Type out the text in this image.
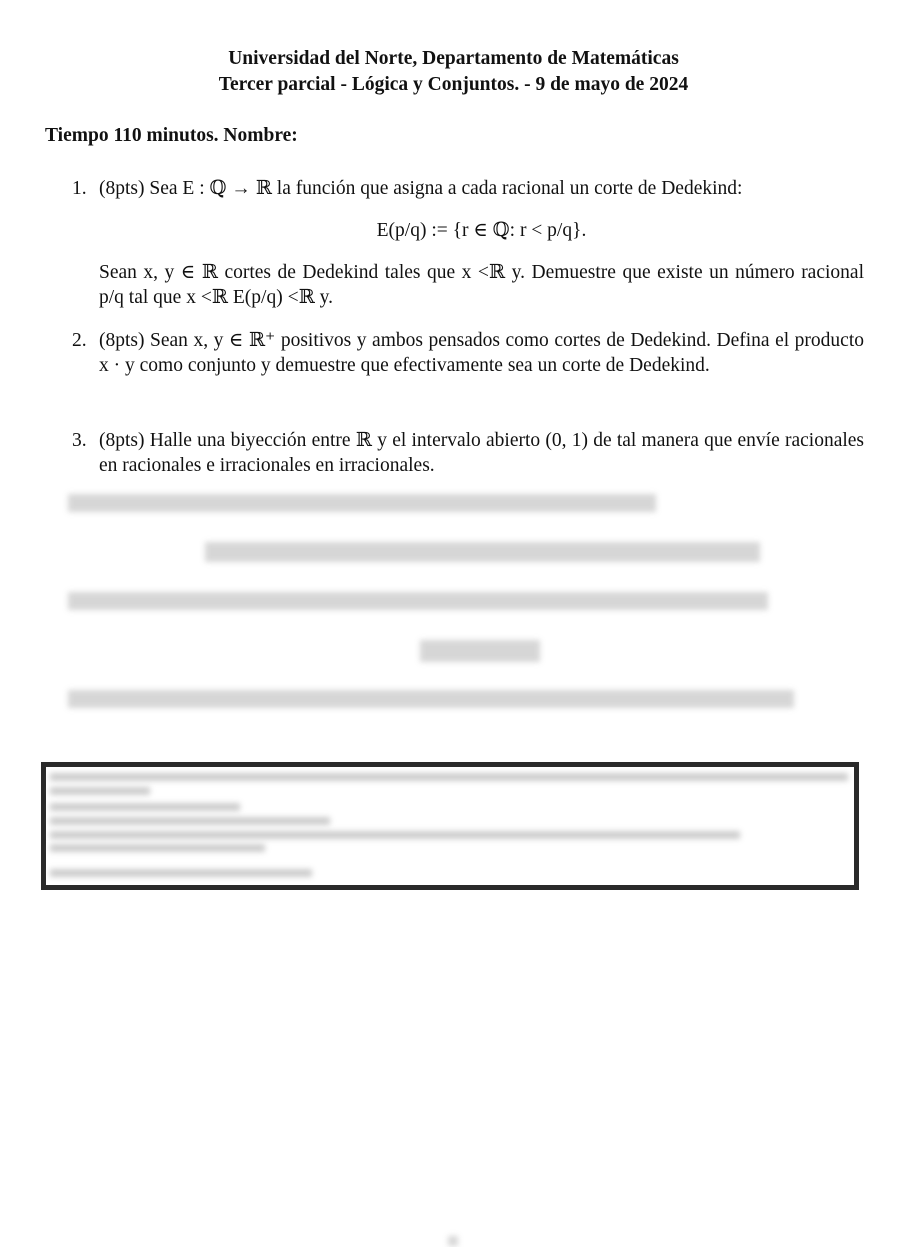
Universidad del Norte, Departamento de Matemáticas
Tercer parcial - Lógica y Conjuntos. - 9 de mayo de 2024
Tiempo 110 minutos. Nombre:
1. (8pts) Sea E : ℚ → ℝ la función que asigna a cada racional un corte de Dedekind:
E(p/q) := {r ∈ ℚ: r < p/q}.
Sean x, y ∈ ℝ cortes de Dedekind tales que x <ℝ y. Demuestre que existe un número racional p/q tal que x <ℝ E(p/q) <ℝ y.
2. (8pts) Sean x, y ∈ ℝ⁺ positivos y ambos pensados como cortes de Dedekind. Defina el producto x · y como conjunto y demuestre que efectivamente sea un corte de Dedekind.
3. (8pts) Halle una biyección entre ℝ y el intervalo abierto (0, 1) de tal manera que envíe racionales en racionales e irracionales en irracionales.
